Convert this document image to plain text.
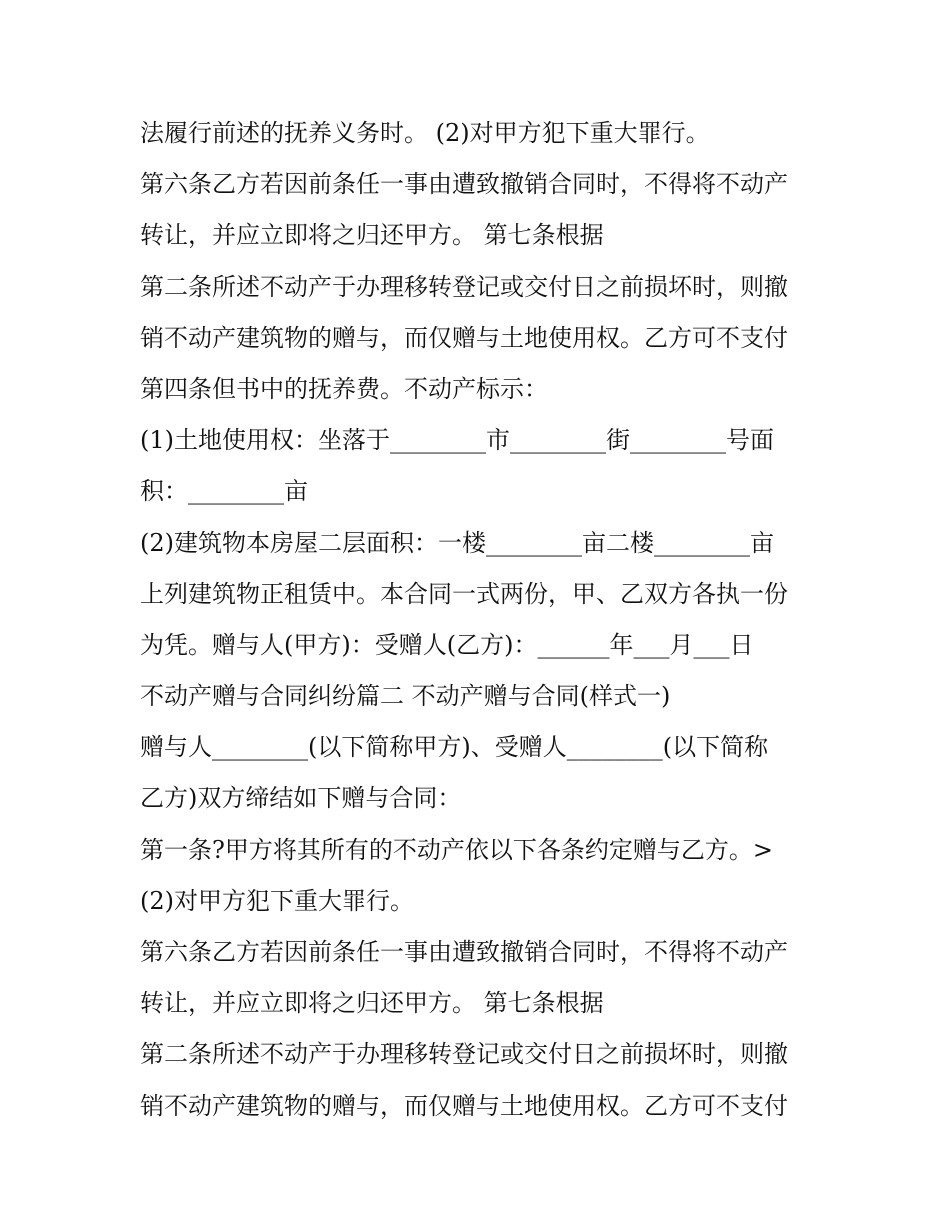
法履行前述的抚养义务时。 (2)对甲方犯下重大罪行。
第六条乙方若因前条任一事由遭致撤销合同时，不得将不动产
转让，并应立即将之归还甲方。 第七条根据
第二条所述不动产于办理移转登记或交付日之前损坏时，则撤
销不动产建筑物的赠与，而仅赠与土地使用权。乙方可不支付
第四条但书中的抚养费。不动产标示：
(1)土地使用权：坐落于________市________街________号面
积：________亩
(2)建筑物本房屋二层面积：一楼________亩二楼________亩
上列建筑物正租赁中。本合同一式两份，甲、乙双方各执一份
为凭。赠与人(甲方)：受赠人(乙方)：______年___月___日
不动产赠与合同纠纷篇二 不动产赠与合同(样式一)
赠与人________(以下简称甲方)、受赠人________(以下简称
乙方)双方缔结如下赠与合同：
第一条?甲方将其所有的不动产依以下各条约定赠与乙方。>
(2)对甲方犯下重大罪行。
第六条乙方若因前条任一事由遭致撤销合同时，不得将不动产
转让，并应立即将之归还甲方。 第七条根据
第二条所述不动产于办理移转登记或交付日之前损坏时，则撤
销不动产建筑物的赠与，而仅赠与土地使用权。乙方可不支付
